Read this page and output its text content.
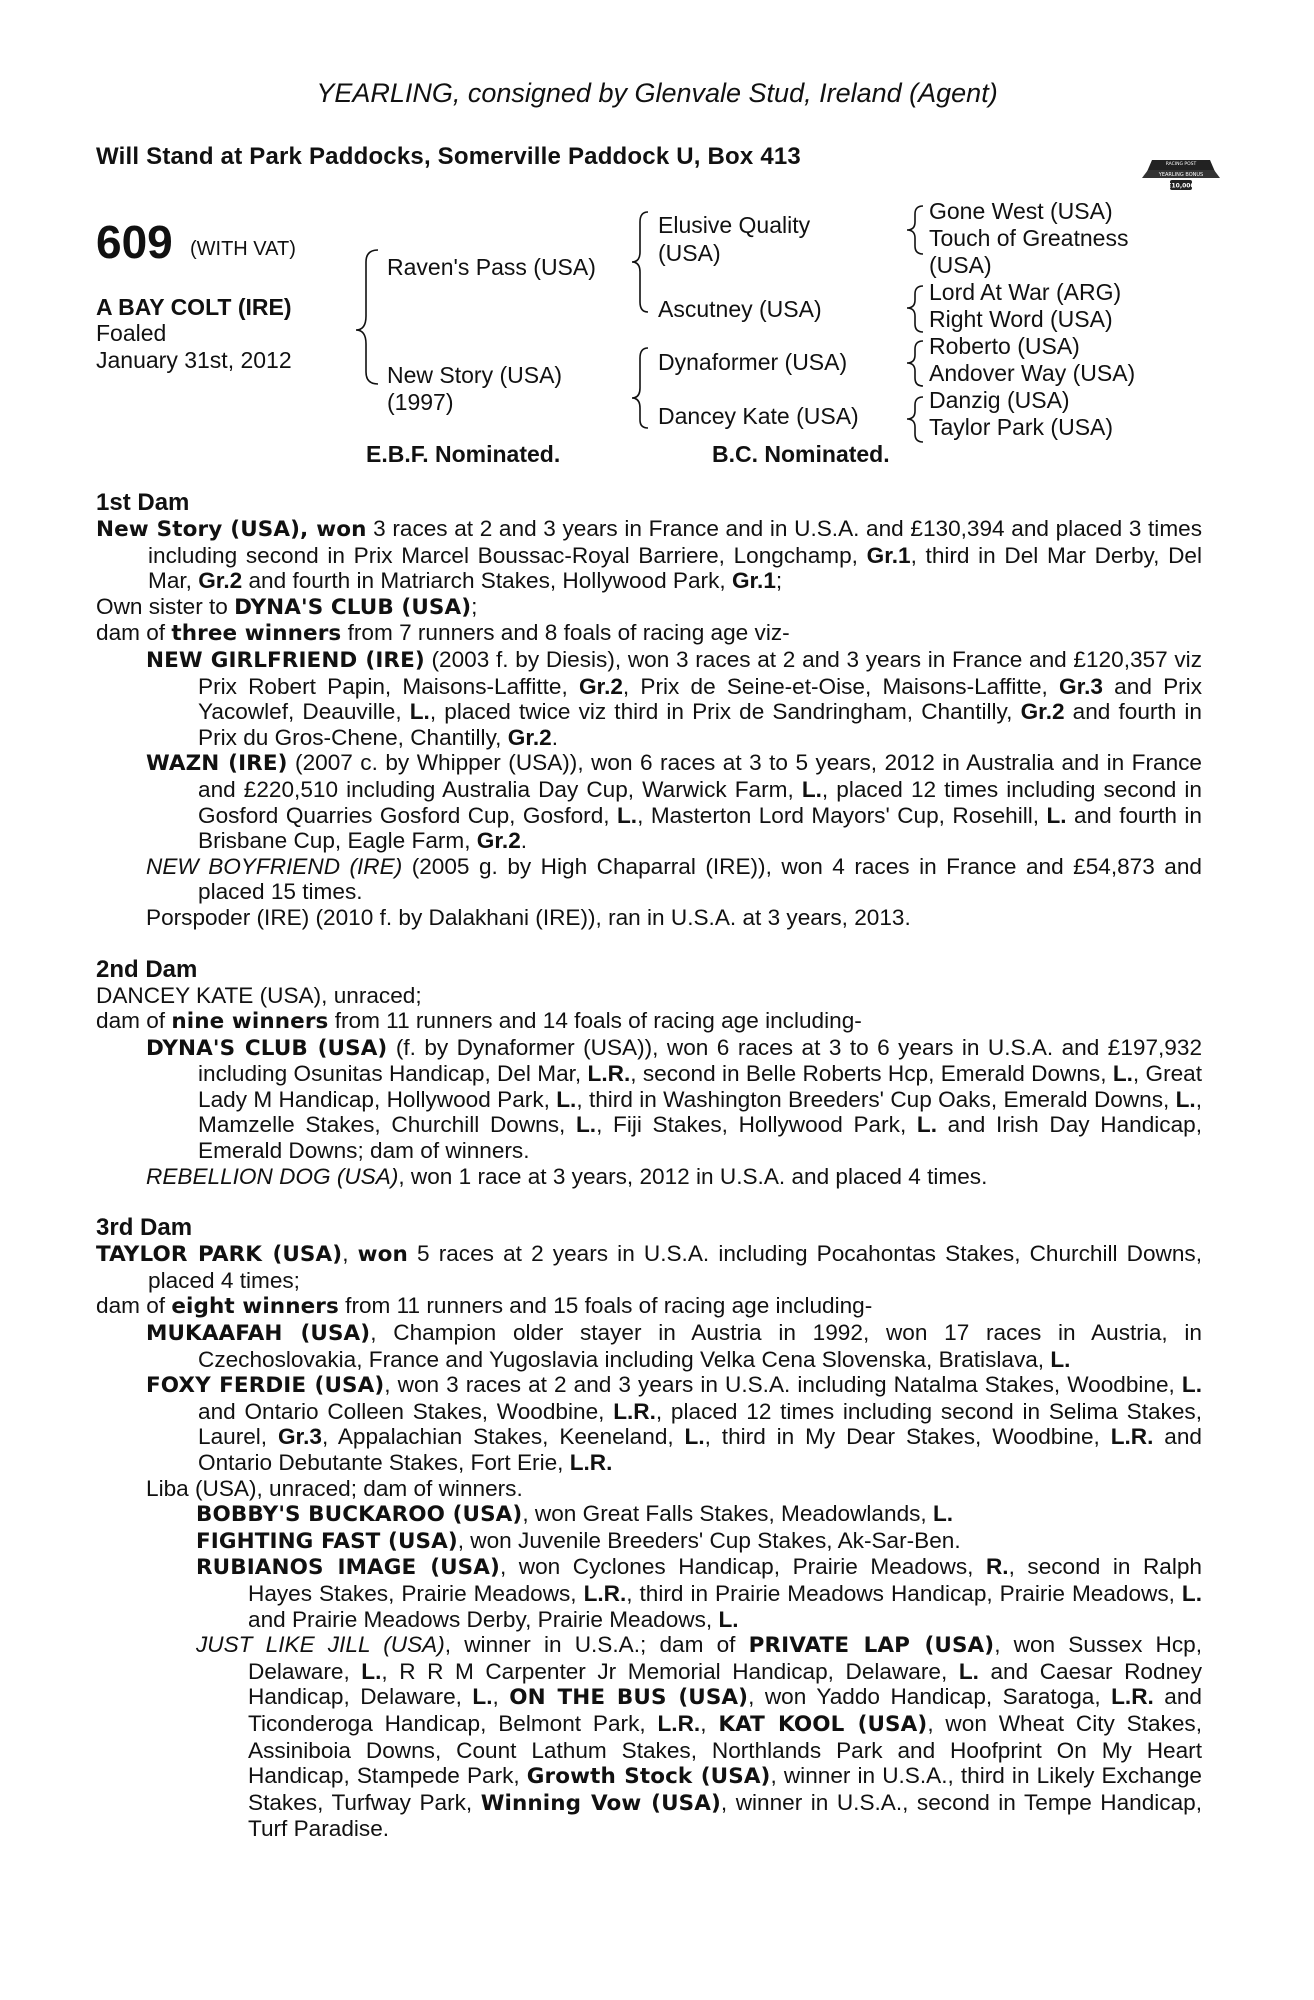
YEARLING, consigned by Glenvale Stud, Ireland (Agent)
Will Stand at Park Paddocks, Somerville Paddock U, Box 413	RACING POST
YEARLING BONUS
£10,000
609 (WITH VAT)
A BAY COLT (IRE)
Foaled
January 31st, 2012
Raven's Pass (USA)
New Story (USA)
(1997)
Elusive Quality
(USA)
Ascutney (USA)
Dynaformer (USA)
Dancey Kate (USA)
Gone West (USA)
Touch of Greatness
(USA)
Lord At War (ARG)
Right Word (USA)
Roberto (USA)
Andover Way (USA)
Danzig (USA)
Taylor Park (USA)
E.B.F. Nominated.	B.C. Nominated.
1st Dam

New Story (USA), won 3 races at 2 and 3 years in France and in U.S.A. and £130,394 and placed 3 times including second in Prix Marcel Boussac-Royal Barriere, Longchamp, Gr.1, third in Del Mar Derby, Del Mar, Gr.2 and fourth in Matriarch Stakes, Hollywood Park, Gr.1;

Own sister to DYNA'S CLUB (USA);

dam of three winners from 7 runners and 8 foals of racing age viz-

NEW GIRLFRIEND (IRE) (2003 f. by Diesis), won 3 races at 2 and 3 years in France and £120,357 viz Prix Robert Papin, Maisons-Laffitte, Gr.2, Prix de Seine-et-Oise, Maisons-Laffitte, Gr.3 and Prix Yacowlef, Deauville, L., placed twice viz third in Prix de Sandringham, Chantilly, Gr.2 and fourth in Prix du Gros-Chene, Chantilly, Gr.2.

WAZN (IRE) (2007 c. by Whipper (USA)), won 6 races at 3 to 5 years, 2012 in Australia and in France and £220,510 including Australia Day Cup, Warwick Farm, L., placed 12 times including second in Gosford Quarries Gosford Cup, Gosford, L., Masterton Lord Mayors' Cup, Rosehill, L. and fourth in Brisbane Cup, Eagle Farm, Gr.2.

NEW BOYFRIEND (IRE) (2005 g. by High Chaparral (IRE)), won 4 races in France and £54,873 and placed 15 times.

Porspoder (IRE) (2010 f. by Dalakhani (IRE)), ran in U.S.A. at 3 years, 2013.

2nd Dam

DANCEY KATE (USA), unraced;

dam of nine winners from 11 runners and 14 foals of racing age including-

DYNA'S CLUB (USA) (f. by Dynaformer (USA)), won 6 races at 3 to 6 years in U.S.A. and £197,932 including Osunitas Handicap, Del Mar, L.R., second in Belle Roberts Hcp, Emerald Downs, L., Great Lady M Handicap, Hollywood Park, L., third in Washington Breeders' Cup Oaks, Emerald Downs, L., Mamzelle Stakes, Churchill Downs, L., Fiji Stakes, Hollywood Park, L. and Irish Day Handicap, Emerald Downs; dam of winners.

REBELLION DOG (USA), won 1 race at 3 years, 2012 in U.S.A. and placed 4 times.

3rd Dam

TAYLOR PARK (USA), won 5 races at 2 years in U.S.A. including Pocahontas Stakes, Churchill Downs, placed 4 times;

dam of eight winners from 11 runners and 15 foals of racing age including-

MUKAAFAH (USA), Champion older stayer in Austria in 1992, won 17 races in Austria, in Czechoslovakia, France and Yugoslavia including Velka Cena Slovenska, Bratislava, L.

FOXY FERDIE (USA), won 3 races at 2 and 3 years in U.S.A. including Natalma Stakes, Woodbine, L. and Ontario Colleen Stakes, Woodbine, L.R., placed 12 times including second in Selima Stakes, Laurel, Gr.3, Appalachian Stakes, Keeneland, L., third in My Dear Stakes, Woodbine, L.R. and Ontario Debutante Stakes, Fort Erie, L.R.

Liba (USA), unraced; dam of winners.

BOBBY'S BUCKAROO (USA), won Great Falls Stakes, Meadowlands, L.

FIGHTING FAST (USA), won Juvenile Breeders' Cup Stakes, Ak-Sar-Ben.

RUBIANOS IMAGE (USA), won Cyclones Handicap, Prairie Meadows, R., second in Ralph Hayes Stakes, Prairie Meadows, L.R., third in Prairie Meadows Handicap, Prairie Meadows, L. and Prairie Meadows Derby, Prairie Meadows, L.

JUST LIKE JILL (USA), winner in U.S.A.; dam of PRIVATE LAP (USA), won Sussex Hcp, Delaware, L., R R M Carpenter Jr Memorial Handicap, Delaware, L. and Caesar Rodney Handicap, Delaware, L., ON THE BUS (USA), won Yaddo Handicap, Saratoga, L.R. and Ticonderoga Handicap, Belmont Park, L.R., KAT KOOL (USA), won Wheat City Stakes, Assiniboia Downs, Count Lathum Stakes, Northlands Park and Hoofprint On My Heart Handicap, Stampede Park, Growth Stock (USA), winner in U.S.A., third in Likely Exchange Stakes, Turfway Park, Winning Vow (USA), winner in U.S.A., second in Tempe Handicap, Turf Paradise.
